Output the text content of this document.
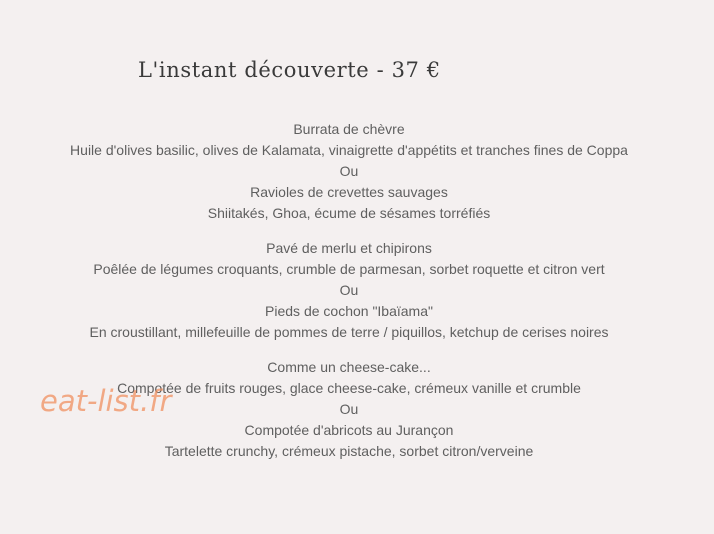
L'instant découverte - 37 €
Burrata de chèvre
Huile d'olives basilic, olives de Kalamata, vinaigrette d'appétits et tranches fines de Coppa
Ou
Ravioles de crevettes sauvages
Shiitakés, Ghoa, écume de sésames torréfiés
Pavé de merlu et chipirons
Poêlée de légumes croquants, crumble de parmesan, sorbet roquette et citron vert
Ou
Pieds de cochon "Ibaïama"
En croustillant, millefeuille de pommes de terre / piquillos, ketchup de cerises noires
Comme un cheese-cake...
Compotée de fruits rouges, glace cheese-cake, crémeux vanille et crumble
Ou
Compotée d'abricots au Jurançon
Tartelette crunchy, crémeux pistache, sorbet citron/verveine
eat-list.fr
